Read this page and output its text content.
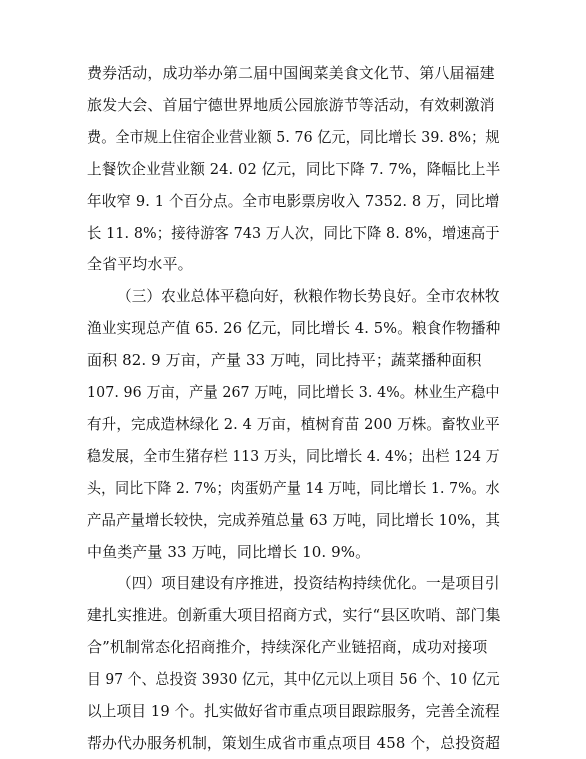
费券活动，成功举办第二届中国闽菜美食文化节、第八届福建
旅发大会、首届宁德世界地质公园旅游节等活动，有效刺激消
费。全市规上住宿企业营业额 5. 76 亿元，同比增长 39. 8%；规
上餐饮企业营业额 24. 02 亿元，同比下降 7. 7%，降幅比上半
年收窄 9. 1 个百分点。全市电影票房收入 7352. 8 万，同比增
长 11. 8%；接待游客 743 万人次，同比下降 8. 8%，增速高于
全省平均水平。
（三）农业总体平稳向好，秋粮作物长势良好。全市农林牧
渔业实现总产值 65. 26 亿元，同比增长 4. 5%。粮食作物播种
面积 82. 9 万亩，产量 33 万吨，同比持平；蔬菜播种面积
107. 96 万亩，产量 267 万吨，同比增长 3. 4%。林业生产稳中
有升，完成造林绿化 2. 4 万亩，植树育苗 200 万株。畜牧业平
稳发展，全市生猪存栏 113 万头，同比增长 4. 4%；出栏 124 万
头，同比下降 2. 7%；肉蛋奶产量 14 万吨，同比增长 1. 7%。水
产品产量增长较快，完成养殖总量 63 万吨，同比增长 10%，其
中鱼类产量 33 万吨，同比增长 10. 9%。
（四）项目建设有序推进，投资结构持续优化。一是项目引
建扎实推进。创新重大项目招商方式，实行“县区吹哨、部门集
合”机制常态化招商推介，持续深化产业链招商，成功对接项
目 97 个、总投资 3930 亿元，其中亿元以上项目 56 个、10 亿元
以上项目 19 个。扎实做好省市重点项目跟踪服务，完善全流程
帮办代办服务机制，策划生成省市重点项目 458 个，总投资超
